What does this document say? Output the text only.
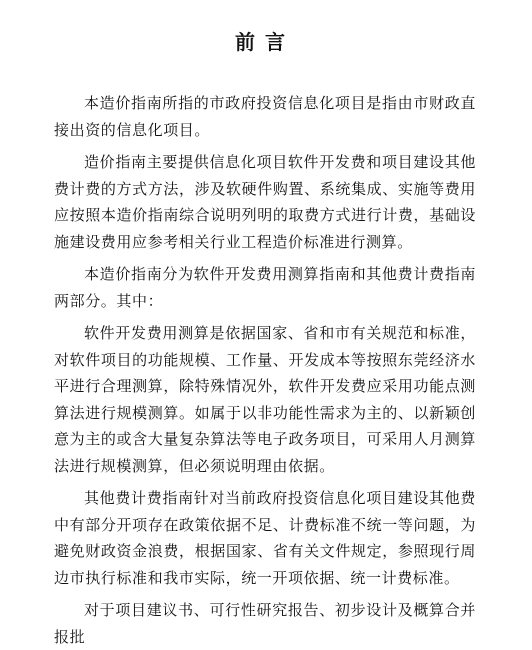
前言

本造价指南所指的市政府投资信息化项目是指由市财政直接出资的信息化项目。

造价指南主要提供信息化项目软件开发费和项目建设其他费计费的方式方法，涉及软硬件购置、系统集成、实施等费用应按照本造价指南综合说明列明的取费方式进行计费，基础设施建设费用应参考相关行业工程造价标准进行测算。

本造价指南分为软件开发费用测算指南和其他费计费指南两部分。其中：

软件开发费用测算是依据国家、省和市有关规范和标准，对软件项目的功能规模、工作量、开发成本等按照东莞经济水平进行合理测算，除特殊情况外，软件开发费应采用功能点测算法进行规模测算。如属于以非功能性需求为主的、以新颖创意为主的或含大量复杂算法等电子政务项目，可采用人月测算法进行规模测算，但必须说明理由依据。

其他费计费指南针对当前政府投资信息化项目建设其他费中有部分开项存在政策依据不足、计费标准不统一等问题，为避免财政资金浪费，根据国家、省有关文件规定，参照现行周边市执行标准和我市实际，统一开项依据、统一计费标准。

对于项目建议书、可行性研究报告、初步设计及概算合并报批
